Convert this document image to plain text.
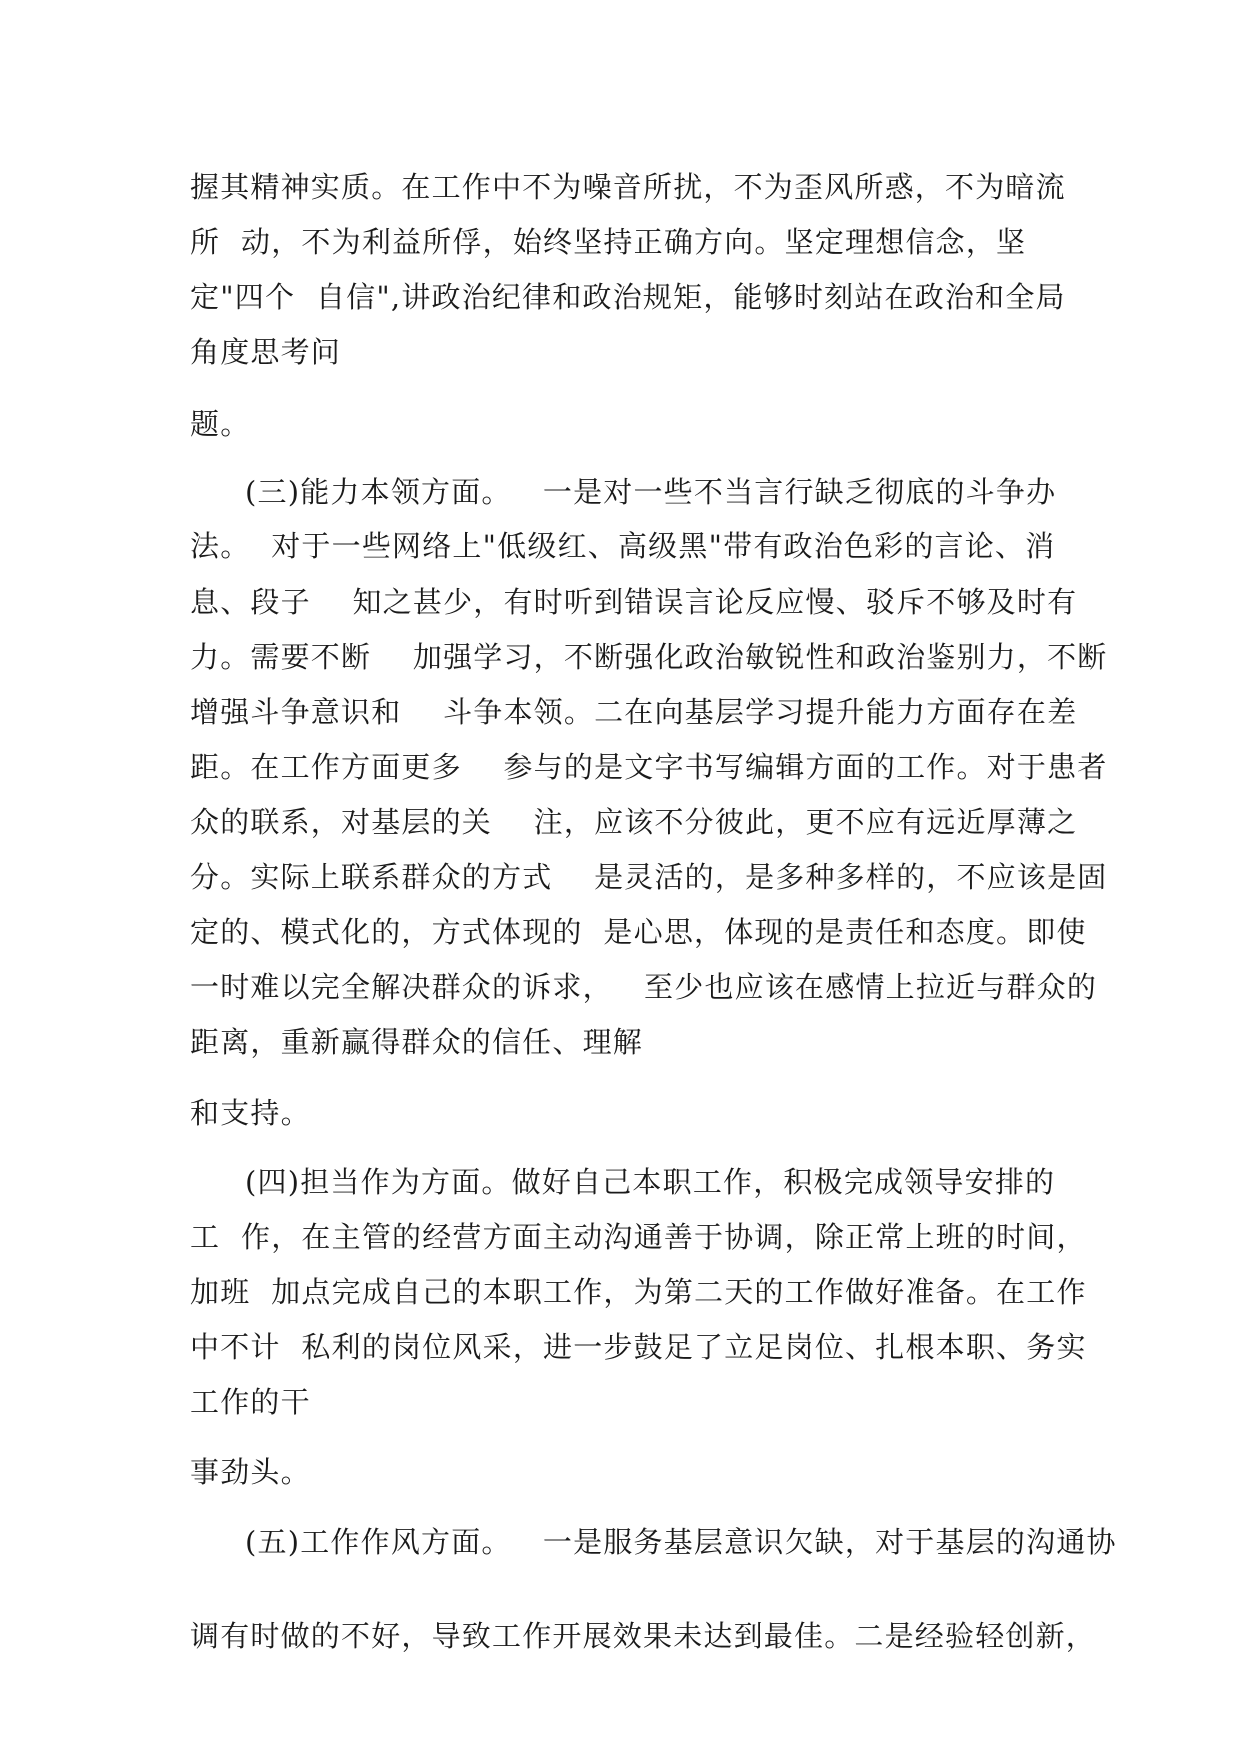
握其精神实质。在工作中不为噪音所扰，不为歪风所惑，不为暗流
所  动，不为利益所俘，始终坚持正确方向。坚定理想信念，坚
定"四个  自信",讲政治纪律和政治规矩，能够时刻站在政治和全局
角度思考问
题。
(三)能力本领方面。   一是对一些不当言行缺乏彻底的斗争办
法。  对于一些网络上"低级红、高级黑"带有政治色彩的言论、消
息、段子    知之甚少，有时听到错误言论反应慢、驳斥不够及时有
力。需要不断    加强学习，不断强化政治敏锐性和政治鉴别力，不断
增强斗争意识和    斗争本领。二在向基层学习提升能力方面存在差
距。在工作方面更多    参与的是文字书写编辑方面的工作。对于患者
众的联系，对基层的关    注，应该不分彼此，更不应有远近厚薄之
分。实际上联系群众的方式    是灵活的，是多种多样的，不应该是固
定的、模式化的，方式体现的  是心思，体现的是责任和态度。即使
一时难以完全解决群众的诉求，   至少也应该在感情上拉近与群众的
距离，重新赢得群众的信任、理解
和支持。
(四)担当作为方面。做好自己本职工作，积极完成领导安排的
工  作，在主管的经营方面主动沟通善于协调，除正常上班的时间，
加班  加点完成自己的本职工作，为第二天的工作做好准备。在工作
中不计  私利的岗位风采，进一步鼓足了立足岗位、扎根本职、务实
工作的干
事劲头。
(五)工作作风方面。   一是服务基层意识欠缺，对于基层的沟通协
调有时做的不好，导致工作开展效果未达到最佳。二是经验轻创新，
